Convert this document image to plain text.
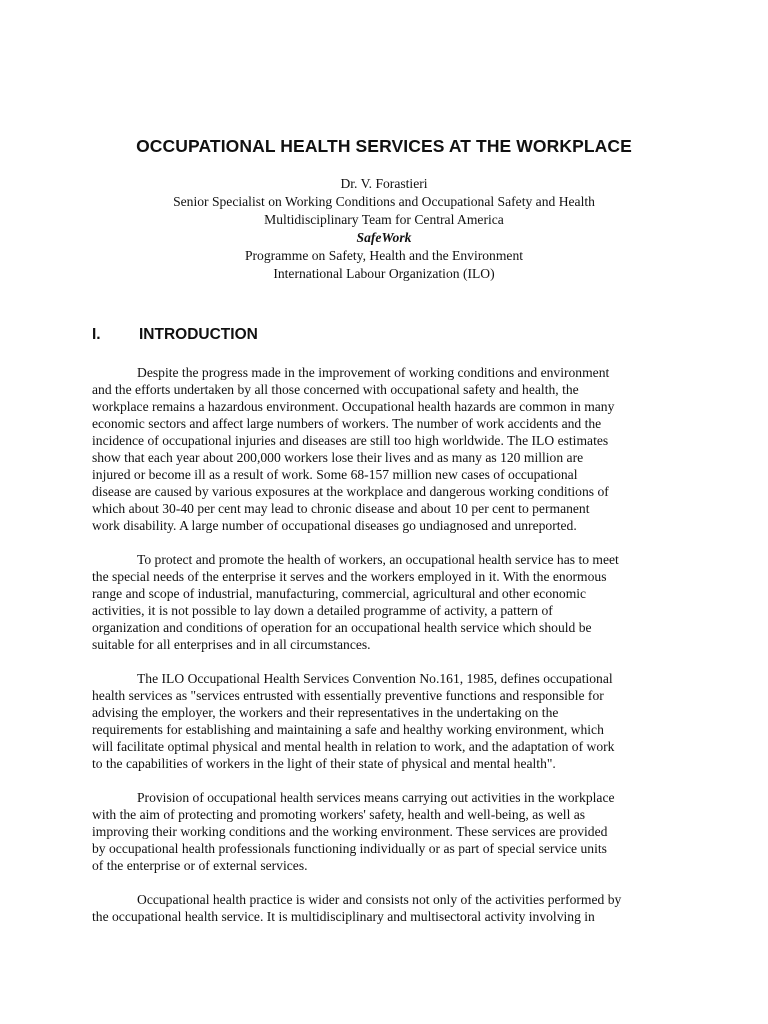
OCCUPATIONAL HEALTH SERVICES AT THE WORKPLACE
Dr. V. Forastieri
Senior Specialist on Working Conditions and Occupational Safety and Health
Multidisciplinary Team for Central America
SafeWork
Programme on Safety, Health and the Environment
International Labour Organization (ILO)
I. INTRODUCTION
Despite the progress made in the improvement of working conditions and environment
and the efforts undertaken by all those concerned with occupational safety and health, the
workplace remains a hazardous environment. Occupational health hazards are common in many
economic sectors and affect large numbers of workers. The number of work accidents and the
incidence of occupational injuries and diseases are still too high worldwide. The ILO estimates
show that each year about 200,000 workers lose their lives and as many as 120 million are
injured or become ill as a result of work. Some 68-157 million new cases of occupational
disease are caused by various exposures at the workplace and dangerous working conditions of
which about 30-40 per cent may lead to chronic disease and about 10 per cent to permanent
work disability. A large number of occupational diseases go undiagnosed and unreported.
To protect and promote the health of workers, an occupational health service has to meet
the special needs of the enterprise it serves and the workers employed in it. With the enormous
range and scope of industrial, manufacturing, commercial, agricultural and other economic
activities, it is not possible to lay down a detailed programme of activity, a pattern of
organization and conditions of operation for an occupational health service which should be
suitable for all enterprises and in all circumstances.
The ILO Occupational Health Services Convention No.161, 1985, defines occupational
health services as "services entrusted with essentially preventive functions and responsible for
advising the employer, the workers and their representatives in the undertaking on the
requirements for establishing and maintaining a safe and healthy working environment, which
will facilitate optimal physical and mental health in relation to work, and the adaptation of work
to the capabilities of workers in the light of their state of physical and mental health".
Provision of occupational health services means carrying out activities in the workplace
with the aim of protecting and promoting workers' safety, health and well-being, as well as
improving their working conditions and the working environment. These services are provided
by occupational health professionals functioning individually or as part of special service units
of the enterprise or of external services.
Occupational health practice is wider and consists not only of the activities performed by
the occupational health service. It is multidisciplinary and multisectoral activity involving in
